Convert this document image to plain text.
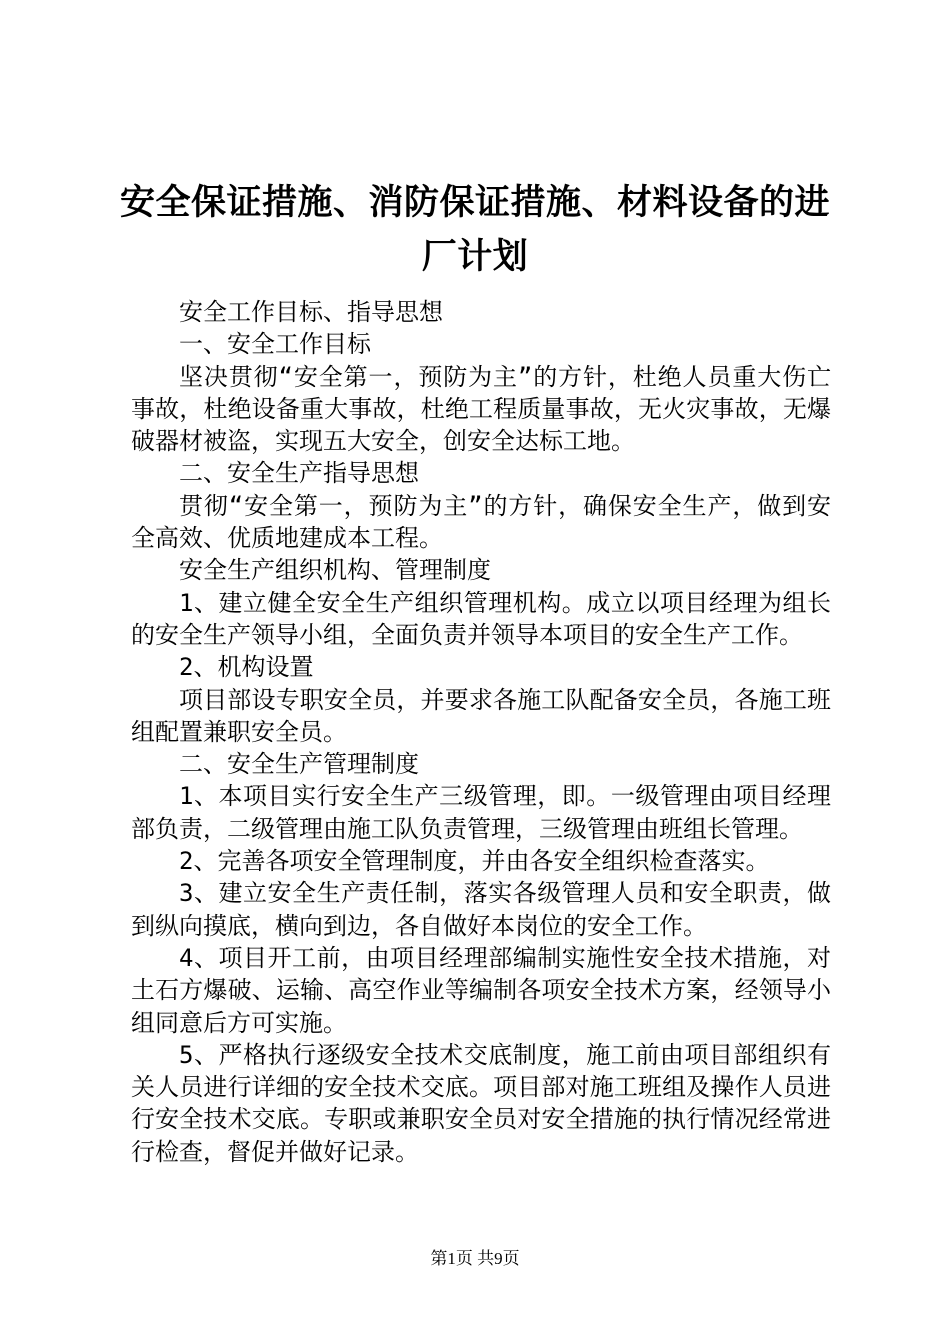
安全保证措施、消防保证措施、材料设备的进厂计划

安全工作目标、指导思想

一、安全工作目标

坚决贯彻“安全第一，预防为主”的方针，杜绝人员重大伤亡事故，杜绝设备重大事故，杜绝工程质量事故，无火灾事故，无爆破器材被盗，实现五大安全，创安全达标工地。

二、安全生产指导思想

贯彻“安全第一，预防为主”的方针，确保安全生产，做到安全高效、优质地建成本工程。

安全生产组织机构、管理制度

1、建立健全安全生产组织管理机构。成立以项目经理为组长的安全生产领导小组，全面负责并领导本项目的安全生产工作。

2、机构设置

项目部设专职安全员，并要求各施工队配备安全员，各施工班组配置兼职安全员。

二、安全生产管理制度

1、本项目实行安全生产三级管理，即。一级管理由项目经理部负责，二级管理由施工队负责管理，三级管理由班组长管理。

2、完善各项安全管理制度，并由各安全组织检查落实。

3、建立安全生产责任制，落实各级管理人员和安全职责，做到纵向摸底，横向到边，各自做好本岗位的安全工作。

4、项目开工前，由项目经理部编制实施性安全技术措施，对土石方爆破、运输、高空作业等编制各项安全技术方案，经领导小组同意后方可实施。

5、严格执行逐级安全技术交底制度，施工前由项目部组织有关人员进行详细的安全技术交底。项目部对施工班组及操作人员进行安全技术交底。专职或兼职安全员对安全措施的执行情况经常进行检查，督促并做好记录。

第1页 共9页
